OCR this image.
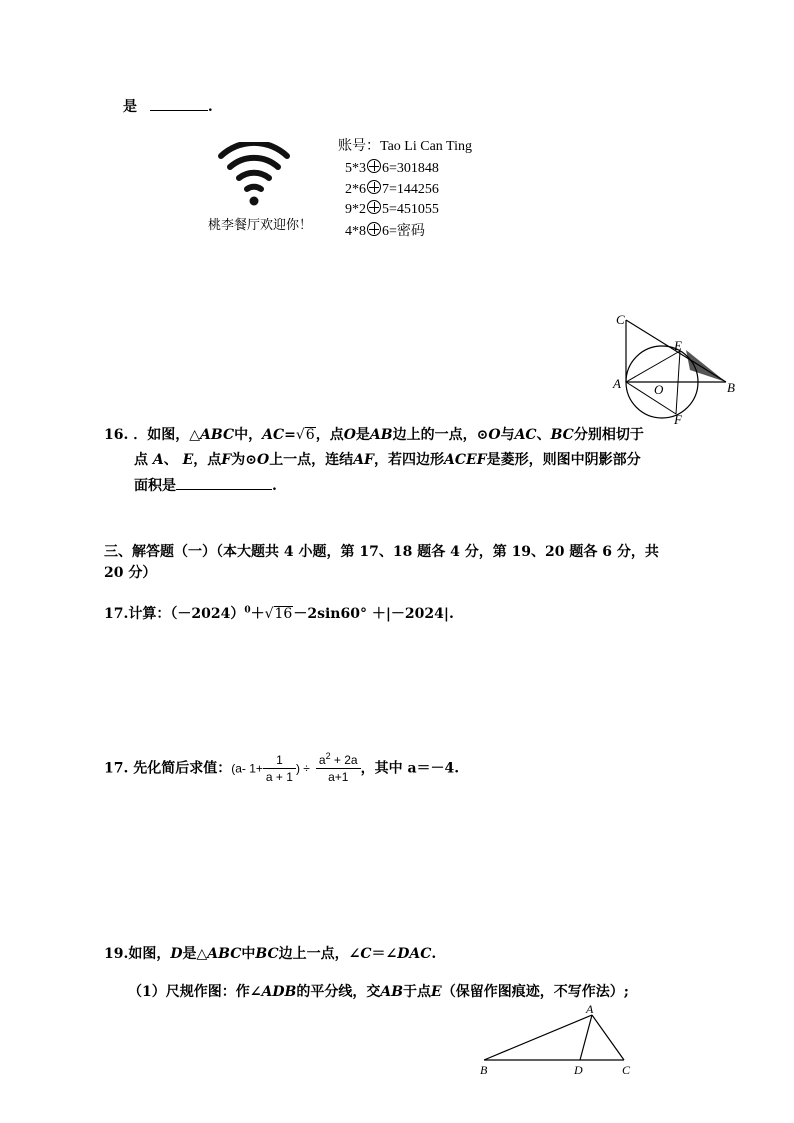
是	.
桃李餐厅欢迎你！
账号：Tao Li Can Ting
5*3 6=301848
2*6 7=144256
9*2 5=451055
4*8 6=密码
C
E
A	O	B
F
16. ．如图，△ABC中，AC=√6，点O是AB边上的一点，⊙O与AC、BC分别相切于
点 A、 E，点F为⊙O上一点，连结AF，若四边形ACEF是菱形，则图中阴影部分
面积是	.
三、解答题（一）（本大题共 4 小题，第 17、18 题各 4 分，第 19、20 题各 6 分，共
20 分）
17.计算：$(-2024)^0+√16-2\sin 60^\circ +|-2024|$.
17. 先化简后求值：(a- $1+ \frac{1}{a + 1}$ ) ÷ $\frac{a^2 + 2a}{a+1}$ ，其中 a＝－4.
19.如图，D是△ABC中BC边上一点，∠C＝∠DAC.
（1）尺规作图：作∠ADB的平分线，交AB于点E（保留作图痕迹，不写作法）;
A
B	D	C
